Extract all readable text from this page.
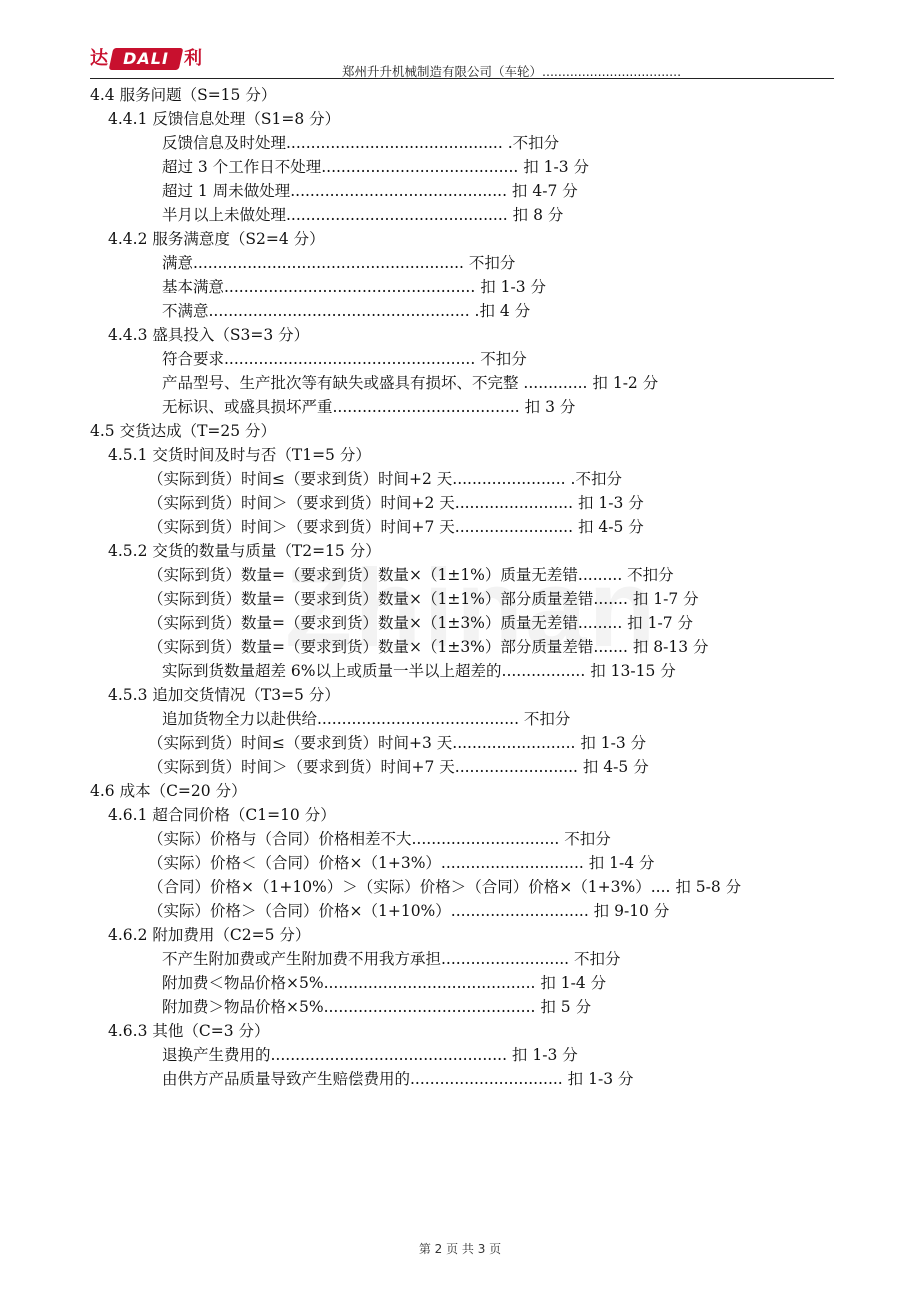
达 DALI 利
郑州升升机械制造有限公司（车轮）...................................
4.4 服务问题（S=15 分）
4.4.1 反馈信息处理（S1=8 分）
反馈信息及时处理............................................ .不扣分
超过 3 个工作日不处理........................................ 扣 1-3 分
超过 1 周未做处理............................................ 扣 4-7 分
半月以上未做处理............................................. 扣 8 分
4.4.2 服务满意度（S2=4 分）
满意....................................................... 不扣分
基本满意................................................... 扣 1-3 分
不满意..................................................... .扣 4 分
4.4.3 盛具投入（S3=3 分）
符合要求................................................... 不扣分
产品型号、生产批次等有缺失或盛具有损坏、不完整 ............. 扣 1-2 分
无标识、或盛具损坏严重...................................... 扣 3 分
4.5 交货达成（T=25 分）
4.5.1 交货时间及时与否（T1=5 分）
（实际到货）时间≤（要求到货）时间+2 天....................... .不扣分
（实际到货）时间＞（要求到货）时间+2 天........................ 扣 1-3 分
（实际到货）时间＞（要求到货）时间+7 天........................ 扣 4-5 分
4.5.2 交货的数量与质量（T2=15 分）
（实际到货）数量=（要求到货）数量×（1±1%）质量无差错......... 不扣分
（实际到货）数量=（要求到货）数量×（1±1%）部分质量差错....... 扣 1-7 分
（实际到货）数量=（要求到货）数量×（1±3%）质量无差错......... 扣 1-7 分
（实际到货）数量=（要求到货）数量×（1±3%）部分质量差错....... 扣 8-13 分
实际到货数量超差 6%以上或质量一半以上超差的................. 扣 13-15 分
4.5.3 追加交货情况（T3=5 分）
追加货物全力以赴供给......................................... 不扣分
（实际到货）时间≤（要求到货）时间+3 天......................... 扣 1-3 分
（实际到货）时间＞（要求到货）时间+7 天......................... 扣 4-5 分
4.6 成本（C=20 分）
4.6.1 超合同价格（C1=10 分）
（实际）价格与（合同）价格相差不大.............................. 不扣分
（实际）价格＜（合同）价格×（1+3%）............................. 扣 1-4 分
（合同）价格×（1+10%）＞（实际）价格＞（合同）价格×（1+3%）.... 扣 5-8 分
（实际）价格＞（合同）价格×（1+10%）............................ 扣 9-10 分
4.6.2 附加费用（C2=5 分）
不产生附加费或产生附加费不用我方承担.......................... 不扣分
附加费＜物品价格×5%........................................... 扣 1-4 分
附加费＞物品价格×5%........................................... 扣 5 分
4.6.3 其他（C=3 分）
退换产生费用的................................................ 扣 1-3 分
由供方产品质量导致产生赔偿费用的............................... 扣 1-3 分
第 2 页 共 3 页
